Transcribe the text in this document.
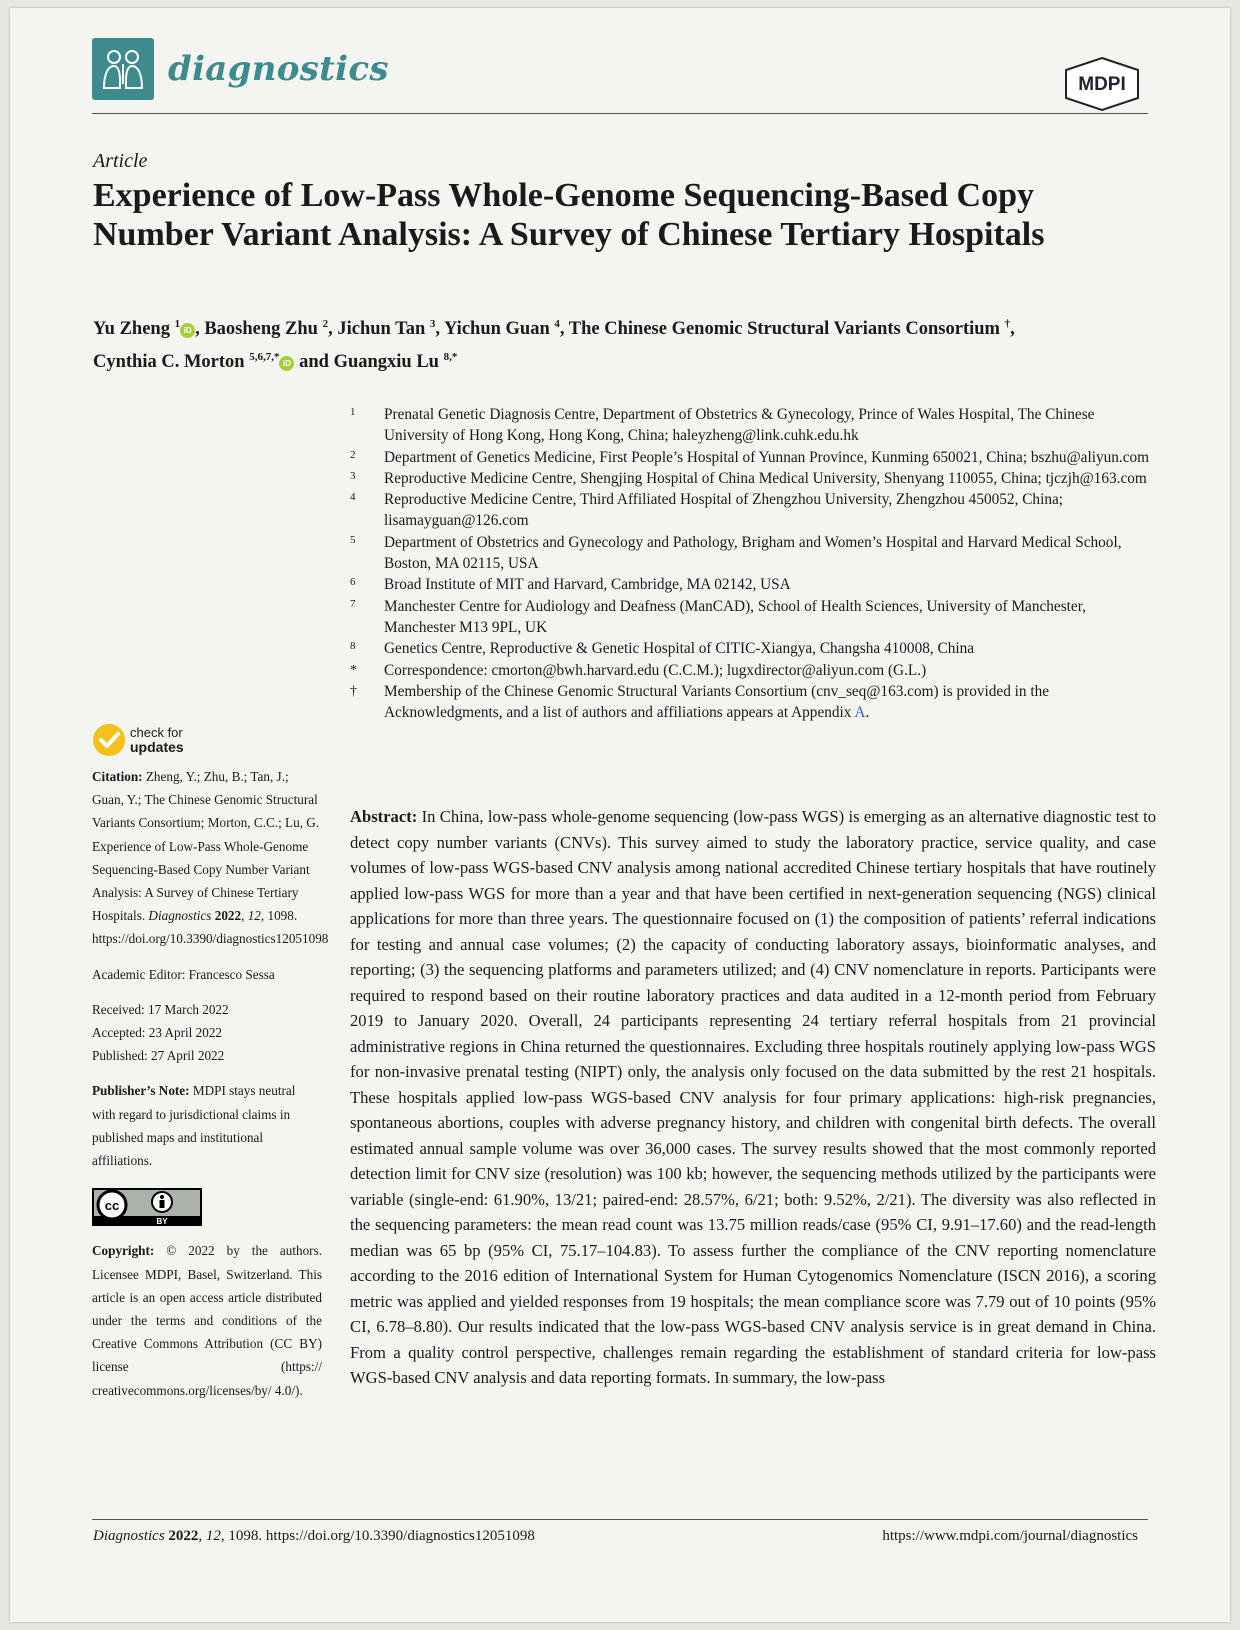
diagnostics	MDPI
Article
Experience of Low-Pass Whole-Genome Sequencing-Based Copy Number Variant Analysis: A Survey of Chinese Tertiary Hospitals
Yu Zheng $^1$iD , Baosheng Zhu $^2$, Jichun Tan $^3$, Yichun Guan $^4$, The Chinese Genomic Structural Variants Consortium †,
Cynthia C. Morton $^{5,6,7,*}$iD and Guangxiu Lu $^{8,*}$
1 Prenatal Genetic Diagnosis Centre, Department of Obstetrics & Gynecology, Prince of Wales Hospital, The Chinese University of Hong Kong, Hong Kong, China; haleyzheng@link.cuhk.edu.hk
2 Department of Genetics Medicine, First People’s Hospital of Yunnan Province, Kunming 650021, China; bszhu@aliyun.com
3 Reproductive Medicine Centre, Shengjing Hospital of China Medical University, Shenyang 110055, China; tjczjh@163.com
4 Reproductive Medicine Centre, Third Affiliated Hospital of Zhengzhou University, Zhengzhou 450052, China; lisamayguan@126.com
5 Department of Obstetrics and Gynecology and Pathology, Brigham and Women’s Hospital and Harvard Medical School, Boston, MA 02115, USA
6 Broad Institute of MIT and Harvard, Cambridge, MA 02142, USA
7 Manchester Centre for Audiology and Deafness (ManCAD), School of Health Sciences, University of Manchester, Manchester M13 9PL, UK
8 Genetics Centre, Reproductive & Genetic Hospital of CITIC-Xiangya, Changsha 410008, China
* Correspondence: cmorton@bwh.harvard.edu (C.C.M.); lugxdirector@aliyun.com (G.L.)
† Membership of the Chinese Genomic Structural Variants Consortium (cnv_seq@163.com) is provided in the Acknowledgments, and a list of authors and affiliations appears at Appendix A.
check for
updates

Citation: Zheng, Y.; Zhu, B.; Tan, J.; Guan, Y.; The Chinese Genomic Structural Variants Consortium; Morton, C.C.; Lu, G. Experience of Low-Pass Whole-Genome Sequencing-Based Copy Number Variant Analysis: A Survey of Chinese Tertiary Hospitals. Diagnostics 2022, 12, 1098. https://doi.org/10.3390/diagnostics12051098

Academic Editor: Francesco Sessa

Received: 17 March 2022
Accepted: 23 April 2022
Published: 27 April 2022

Publisher’s Note: MDPI stays neutral with regard to jurisdictional claims in published maps and institutional affiliations.

cc
BY

Copyright: © 2022 by the authors. Licensee MDPI, Basel, Switzerland. This article is an open access article distributed under the terms and conditions of the Creative Commons Attribution (CC BY) license (https:// creativecommons.org/licenses/by/ 4.0/).

Abstract: In China, low-pass whole-genome sequencing (low-pass WGS) is emerging as an alternative diagnostic test to detect copy number variants (CNVs). This survey aimed to study the laboratory practice, service quality, and case volumes of low-pass WGS-based CNV analysis among national accredited Chinese tertiary hospitals that have routinely applied low-pass WGS for more than a year and that have been certified in next-generation sequencing (NGS) clinical applications for more than three years. The questionnaire focused on (1) the composition of patients’ referral indications for testing and annual case volumes; (2) the capacity of conducting laboratory assays, bioinformatic analyses, and reporting; (3) the sequencing platforms and parameters utilized; and (4) CNV nomenclature in reports. Participants were required to respond based on their routine laboratory practices and data audited in a 12-month period from February 2019 to January 2020. Overall, 24 participants representing 24 tertiary referral hospitals from 21 provincial administrative regions in China returned the questionnaires. Excluding three hospitals routinely applying low-pass WGS for non-invasive prenatal testing (NIPT) only, the analysis only focused on the data submitted by the rest 21 hospitals. These hospitals applied low-pass WGS-based CNV analysis for four primary applications: high-risk pregnancies, spontaneous abortions, couples with adverse pregnancy history, and children with congenital birth defects. The overall estimated annual sample volume was over 36,000 cases. The survey results showed that the most commonly reported detection limit for CNV size (resolution) was 100 kb; however, the sequencing methods utilized by the participants were variable (single-end: 61.90%, 13/21; paired-end: 28.57%, 6/21; both: 9.52%, 2/21). The diversity was also reflected in the sequencing parameters: the mean read count was 13.75 million reads/case (95% CI, 9.91–17.60) and the read-length median was 65 bp (95% CI, 75.17–104.83). To assess further the compliance of the CNV reporting nomenclature according to the 2016 edition of International System for Human Cytogenomics Nomenclature (ISCN 2016), a scoring metric was applied and yielded responses from 19 hospitals; the mean compliance score was 7.79 out of 10 points (95% CI, 6.78–8.80). Our results indicated that the low-pass WGS-based CNV analysis service is in great demand in China. From a quality control perspective, challenges remain regarding the establishment of standard criteria for low-pass WGS-based CNV analysis and data reporting formats. In summary, the low-pass

Diagnostics 2022, 12, 1098. https://doi.org/10.3390/diagnostics12051098	https://www.mdpi.com/journal/diagnostics
